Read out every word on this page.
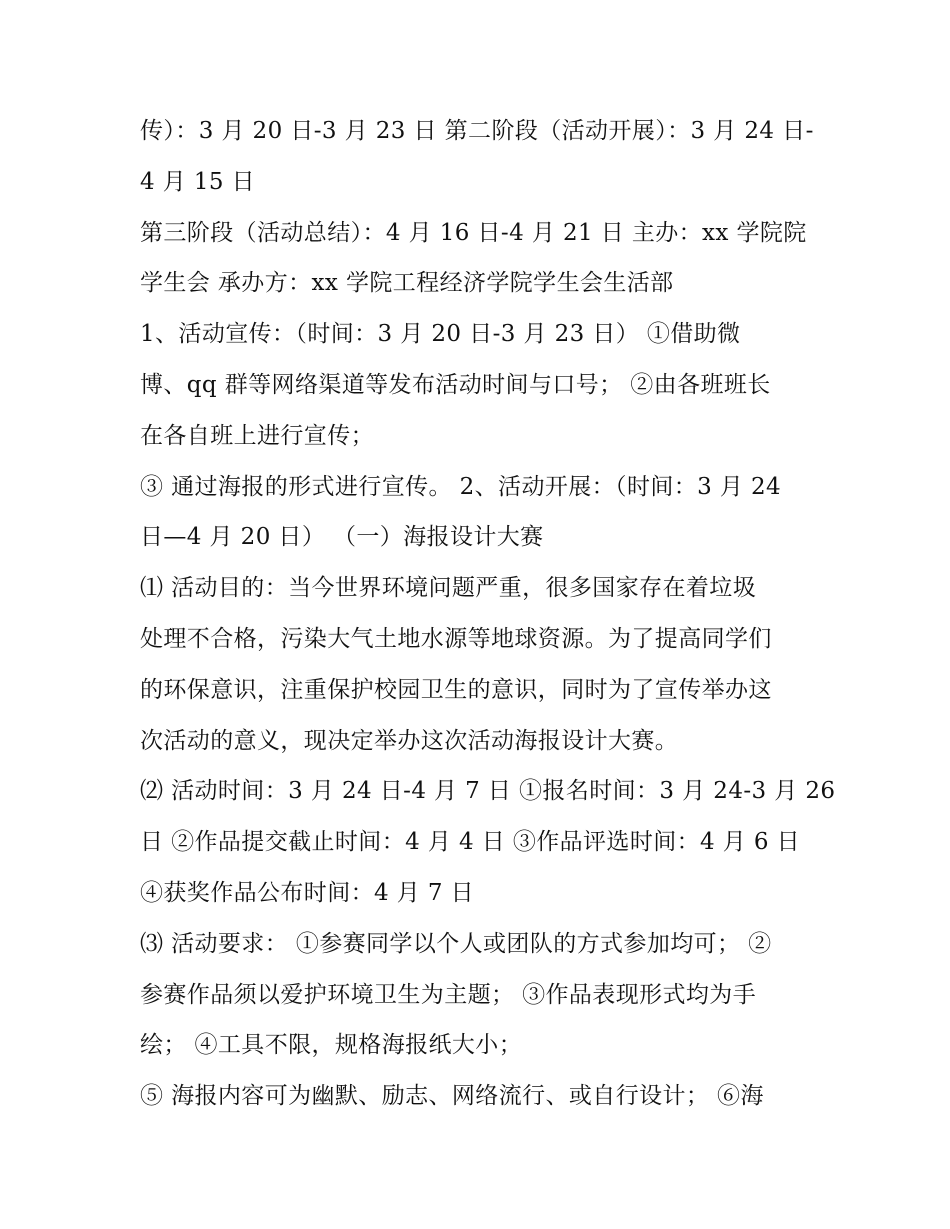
传）：3 月 20 日-3 月 23 日 第二阶段（活动开展）：3 月 24 日-
4 月 15 日
第三阶段（活动总结）：4 月 16 日-4 月 21 日 主办：xx 学院院
学生会 承办方：xx 学院工程经济学院学生会生活部
1、活动宣传：（时间：3 月 20 日-3 月 23 日） ①借助微
博、qq 群等网络渠道等发布活动时间与口号； ②由各班班长
在各自班上进行宣传；
③ 通过海报的形式进行宣传。 2、活动开展：（时间：3 月 24
日—4 月 20 日） （一）海报设计大赛
⑴ 活动目的：当今世界环境问题严重，很多国家存在着垃圾
处理不合格，污染大气土地水源等地球资源。为了提高同学们
的环保意识，注重保护校园卫生的意识，同时为了宣传举办这
次活动的意义，现决定举办这次活动海报设计大赛。
⑵ 活动时间：3 月 24 日-4 月 7 日 ①报名时间：3 月 24-3 月 26
日 ②作品提交截止时间：4 月 4 日 ③作品评选时间：4 月 6 日
④获奖作品公布时间：4 月 7 日
⑶ 活动要求： ①参赛同学以个人或团队的方式参加均可； ②
参赛作品须以爱护环境卫生为主题； ③作品表现形式均为手
绘； ④工具不限，规格海报纸大小；
⑤ 海报内容可为幽默、励志、网络流行、或自行设计； ⑥海
